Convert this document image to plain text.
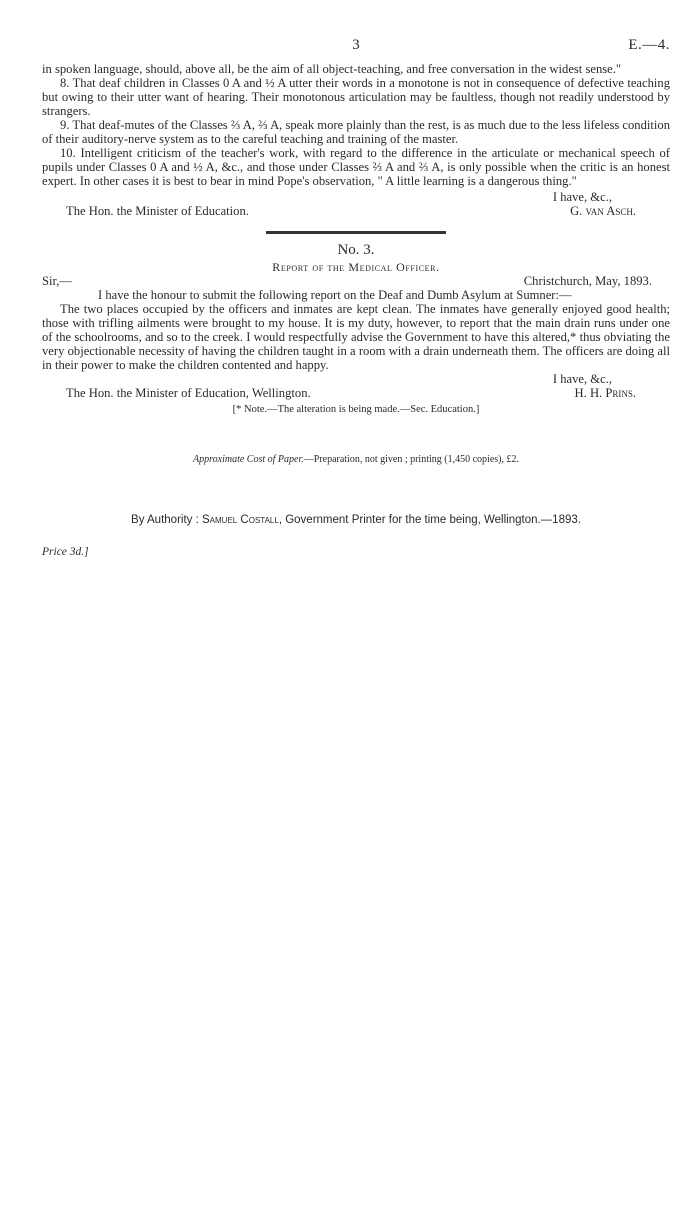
3	E.—4.

in spoken language, should, above all, be the aim of all object-teaching, and free conversation in the widest sense."

8. That deaf children in Classes 0 A and ½ A utter their words in a monotone is not in consequence of defective teaching but owing to their utter want of hearing. Their monotonous articulation may be faultless, though not readily understood by strangers.

9. That deaf-mutes of the Classes ⅔ A, ⅔ A, speak more plainly than the rest, is as much due to the less lifeless condition of their auditory-nerve system as to the careful teaching and training of the master.

10. Intelligent criticism of the teacher's work, with regard to the difference in the articulate or mechanical speech of pupils under Classes 0 A and ½ A, &c., and those under Classes ⅔ A and ⅔ A, is only possible when the critic is an honest expert. In other cases it is best to bear in mind Pope's observation, " A little learning is a dangerous thing."

I have, &c.,
The Hon. the Minister of Education.	G. van Asch.
No. 3.
Report of the Medical Officer.
Sir,—	Christchurch, May, 1893.

I have the honour to submit the following report on the Deaf and Dumb Asylum at Sumner:—

The two places occupied by the officers and inmates are kept clean. The inmates have generally enjoyed good health; those with trifling ailments were brought to my house. It is my duty, however, to report that the main drain runs under one of the schoolrooms, and so to the creek. I would respectfully advise the Government to have this altered,* thus obviating the very objectionable necessity of having the children taught in a room with a drain underneath them. The officers are doing all in their power to make the children contented and happy.

I have, &c.,
The Hon. the Minister of Education, Wellington.	H. H. Prins.
[* Note.—The alteration is being made.—Sec. Education.]
Approximate Cost of Paper.—Preparation, not given ; printing (1,450 copies), £2.
By Authority : Samuel Costall, Government Printer for the time being, Wellington.—1893.
Price 3d.]
